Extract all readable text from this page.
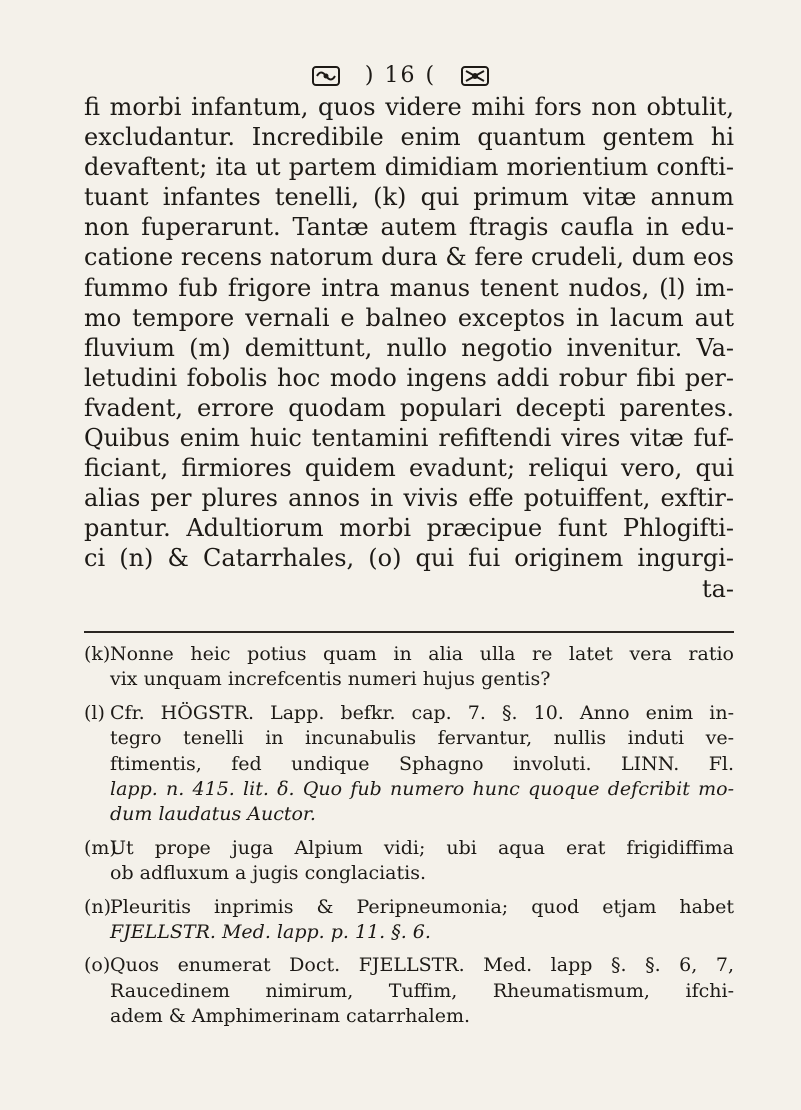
) 16 (
fi morbi infantum, quos videre mihi fors non obtulit,
excludantur. Incredibile enim quantum gentem hi
devaftent; ita ut partem dimidiam morientium confti-
tuant infantes tenelli, (k) qui primum vitæ annum
non fuperarunt. Tantæ autem ftragis caufla in edu-
catione recens natorum dura & fere crudeli, dum eos
fummo fub frigore intra manus tenent nudos, (l) im-
mo tempore vernali e balneo exceptos in lacum aut
fluvium (m) demittunt, nullo negotio invenitur. Va-
letudini fobolis hoc modo ingens addi robur fibi per-
fvadent, errore quodam populari decepti parentes.
Quibus enim huic tentamini refiftendi vires vitæ fuf-
ficiant, firmiores quidem evadunt; reliqui vero, qui
alias per plures annos in vivis effe potuiffent, exftir-
pantur. Adultiorum morbi præcipue funt Phlogifti-
ci (n) & Catarrhales, (o) qui fui originem ingurgi-
ta-
(k)Nonne heic potius quam in alia ulla re latet vera ratio
vix unquam increfcentis numeri hujus gentis?
(l) Cfr. HÖGSTR. Lapp. befkr. cap. 7. §. 10. Anno enim in-
tegro tenelli in incunabulis fervantur, nullis induti ve-
ftimentis, fed undique Sphagno involuti. LINN. Fl.
lapp. n. 415. lit. δ. Quo fub numero hunc quoque defcribit mo-
dum laudatus Auctor.
(m)Ut prope juga Alpium vidi; ubi aqua erat frigidiffima
ob adfluxum a jugis conglaciatis.
(n)Pleuritis inprimis & Peripneumonia; quod etjam habet
FJELLSTR. Med. lapp. p. 11. §. 6.
(o)Quos enumerat Doct. FJELLSTR. Med. lapp §. §. 6, 7,
Raucedinem nimirum, Tuffim, Rheumatismum, ifchi-
adem & Amphimerinam catarrhalem.
